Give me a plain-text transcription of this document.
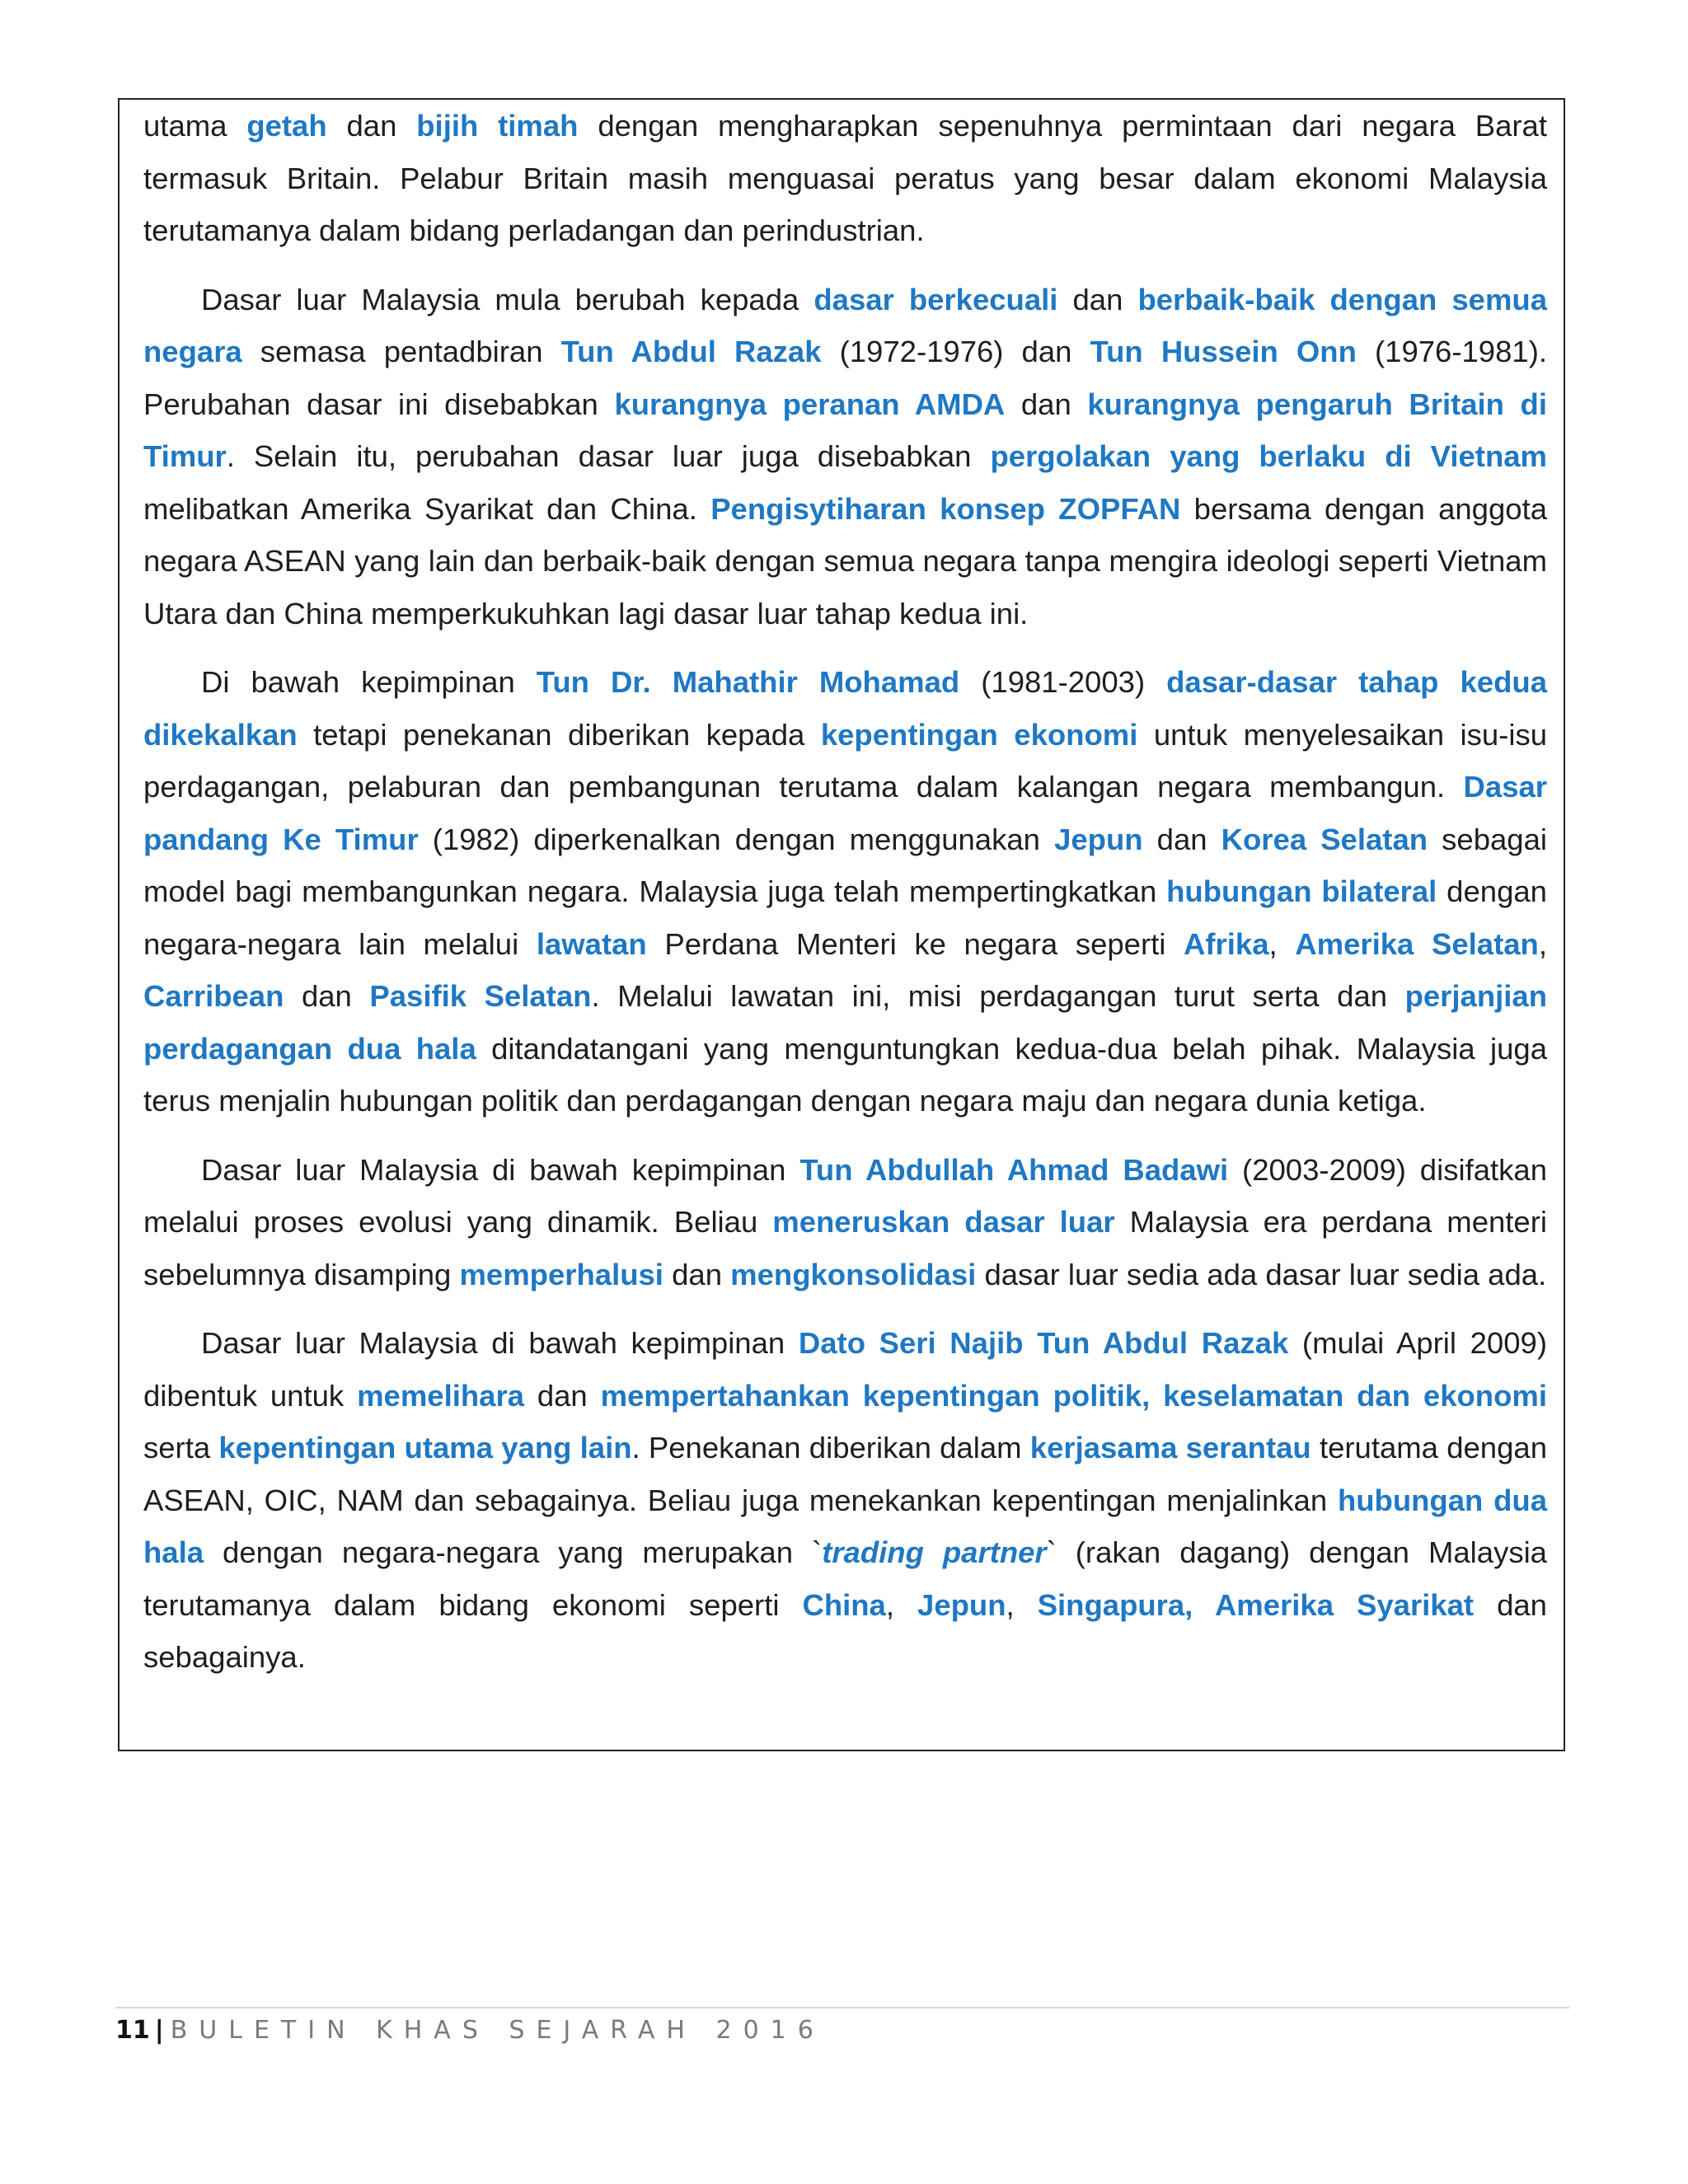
utama getah dan bijih timah dengan mengharapkan sepenuhnya permintaan dari negara Barat termasuk Britain. Pelabur Britain masih menguasai peratus yang besar dalam ekonomi Malaysia terutamanya dalam bidang perladangan dan perindustrian.

Dasar luar Malaysia mula berubah kepada dasar berkecuali dan berbaik-baik dengan semua negara semasa pentadbiran Tun Abdul Razak (1972-1976) dan Tun Hussein Onn (1976-1981). Perubahan dasar ini disebabkan kurangnya peranan AMDA dan kurangnya pengaruh Britain di Timur. Selain itu, perubahan dasar luar juga disebabkan pergolakan yang berlaku di Vietnam melibatkan Amerika Syarikat dan China. Pengisytiharan konsep ZOPFAN bersama dengan anggota negara ASEAN yang lain dan berbaik-baik dengan semua negara tanpa mengira ideologi seperti Vietnam Utara dan China memperkukuhkan lagi dasar luar tahap kedua ini.

Di bawah kepimpinan Tun Dr. Mahathir Mohamad (1981-2003) dasar-dasar tahap kedua dikekalkan tetapi penekanan diberikan kepada kepentingan ekonomi untuk menyelesaikan isu-isu perdagangan, pelaburan dan pembangunan terutama dalam kalangan negara membangun. Dasar pandang Ke Timur (1982) diperkenalkan dengan menggunakan Jepun dan Korea Selatan sebagai model bagi membangunkan negara. Malaysia juga telah mempertingkatkan hubungan bilateral dengan negara-negara lain melalui lawatan Perdana Menteri ke negara seperti Afrika, Amerika Selatan, Carribean dan Pasifik Selatan. Melalui lawatan ini, misi perdagangan turut serta dan perjanjian perdagangan dua hala ditandatangani yang menguntungkan kedua-dua belah pihak. Malaysia juga terus menjalin hubungan politik dan perdagangan dengan negara maju dan negara dunia ketiga.

Dasar luar Malaysia di bawah kepimpinan Tun Abdullah Ahmad Badawi (2003-2009) disifatkan melalui proses evolusi yang dinamik. Beliau meneruskan dasar luar Malaysia era perdana menteri sebelumnya disamping memperhalusi dan mengkonsolidasi dasar luar sedia ada dasar luar sedia ada.

Dasar luar Malaysia di bawah kepimpinan Dato Seri Najib Tun Abdul Razak (mulai April 2009) dibentuk untuk memelihara dan mempertahankan kepentingan politik, keselamatan dan ekonomi serta kepentingan utama yang lain. Penekanan diberikan dalam kerjasama serantau terutama dengan ASEAN, OIC, NAM dan sebagainya. Beliau juga menekankan kepentingan menjalinkan hubungan dua hala dengan negara-negara yang merupakan `trading partner` (rakan dagang) dengan Malaysia terutamanya dalam bidang ekonomi seperti China, Jepun, Singapura, Amerika Syarikat dan sebagainya.

11 | BULETIN KHAS SEJARAH 2016
